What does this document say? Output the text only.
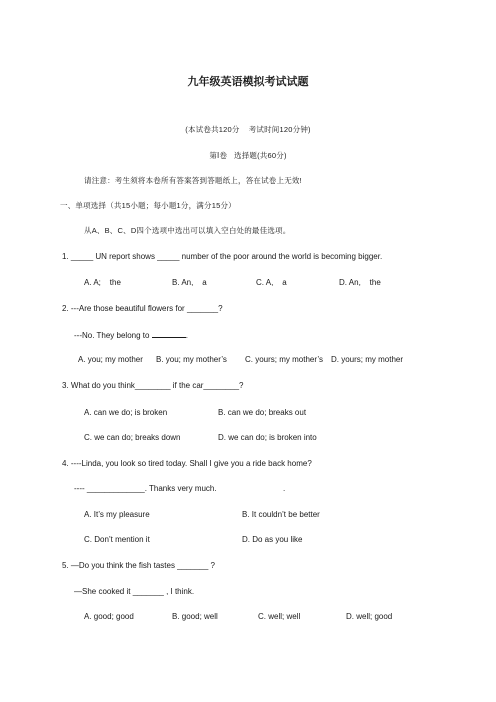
九年级英语模拟考试试题
(本试卷共120分    考试时间120分钟)
第Ⅰ卷   选择题(共60分)
请注意：考生须将本卷所有答案答到答题纸上，答在试卷上无效!
一、单项选择（共15小题；每小题1分，满分15分）
从A、B、C、D四个选项中选出可以填入空白处的最佳选项。
1. _____ UN report shows _____ number of the poor around the world is becoming bigger.
A. A;    the	B. An,    a	C. A,    a	D. An,    the
2. ---Are those beautiful flowers for _______?
---No. They belong to	.
A. you; my mother B. you; my mother’s C. yours; my mother’s D. yours; my mother
3. What do you think________ if the car________?
A. can we do; is broken	B. can we do; breaks out
C. we can do; breaks down	D. we can do; is broken into
4. ----Linda, you look so tired today. Shall I give you a ride back home?
---- _____________. Thanks very much.	.
A. It’s my pleasure	B. It couldn’t be better
C. Don’t mention it	D. Do as you like
5. —Do you think the fish tastes _______ ?
—She cooked it _______ , I think.
A. good; good	B. good; well	C. well; well	D. well; good
